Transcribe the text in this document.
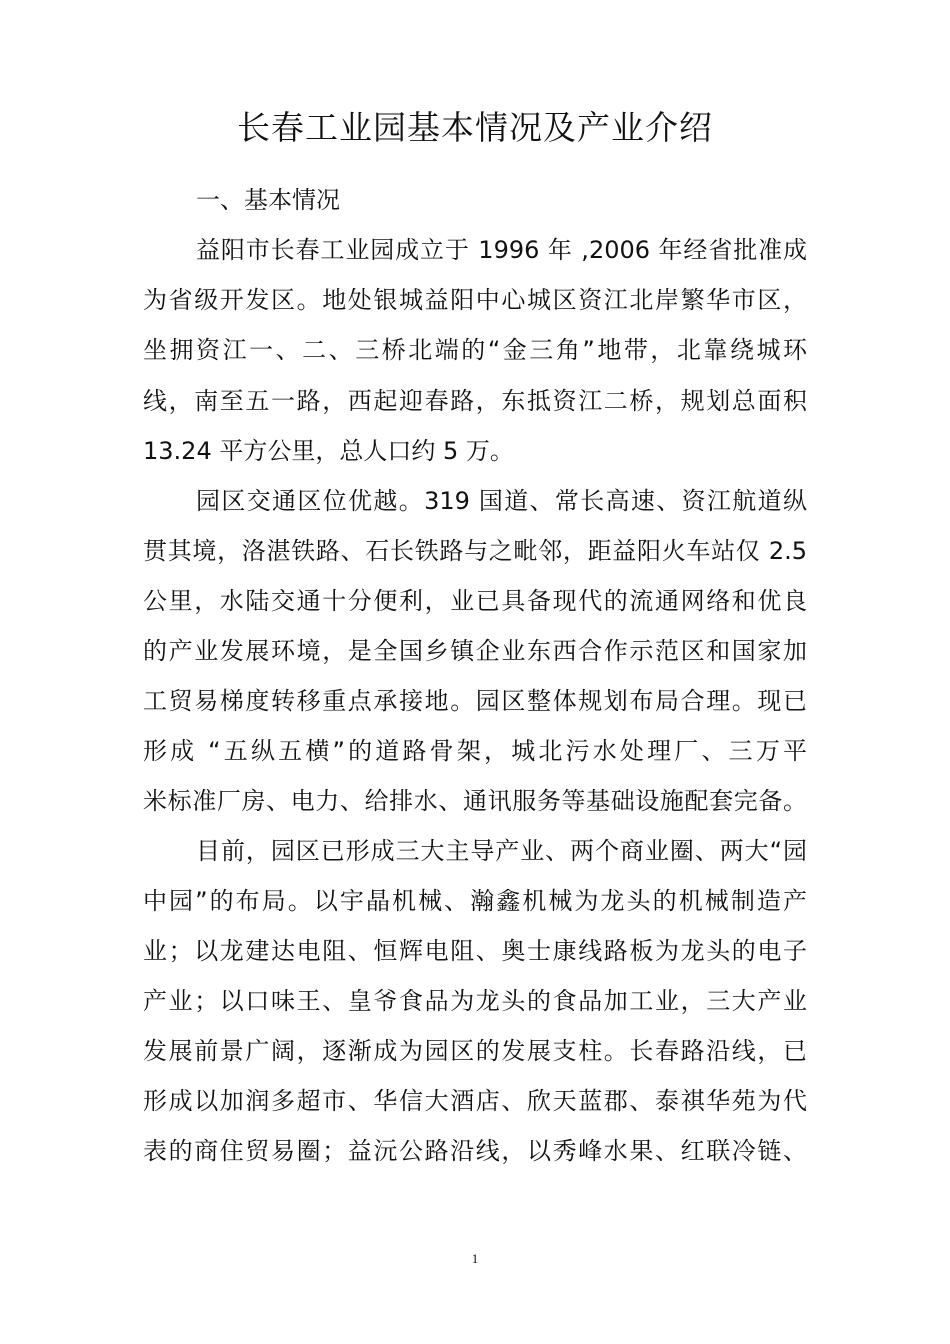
长春工业园基本情况及产业介绍
一、基本情况
益阳市长春工业园成立于 1996 年 ,2006 年经省批准成
为省级开发区。地处银城益阳中心城区资江北岸繁华市区，
坐拥资江一、二、三桥北端的“金三角”地带，北靠绕城环
线，南至五一路，西起迎春路，东抵资江二桥，规划总面积
13.24 平方公里，总人口约 5 万。
园区交通区位优越。319 国道、常长高速、资江航道纵
贯其境，洛湛铁路、石长铁路与之毗邻，距益阳火车站仅 2.5
公里，水陆交通十分便利，业已具备现代的流通网络和优良
的产业发展环境，是全国乡镇企业东西合作示范区和国家加
工贸易梯度转移重点承接地。园区整体规划布局合理。现已
形成 “五纵五横”的道路骨架，城北污水处理厂、三万平
米标准厂房、电力、给排水、通讯服务等基础设施配套完备。
目前，园区已形成三大主导产业、两个商业圈、两大“园
中园”的布局。以宇晶机械、瀚鑫机械为龙头的机械制造产
业；以龙建达电阻、恒辉电阻、奥士康线路板为龙头的电子
产业；以口味王、皇爷食品为龙头的食品加工业，三大产业
发展前景广阔，逐渐成为园区的发展支柱。长春路沿线，已
形成以加润多超市、华信大酒店、欣天蓝郡、泰祺华苑为代
表的商住贸易圈；益沅公路沿线，以秀峰水果、红联冷链、
1
